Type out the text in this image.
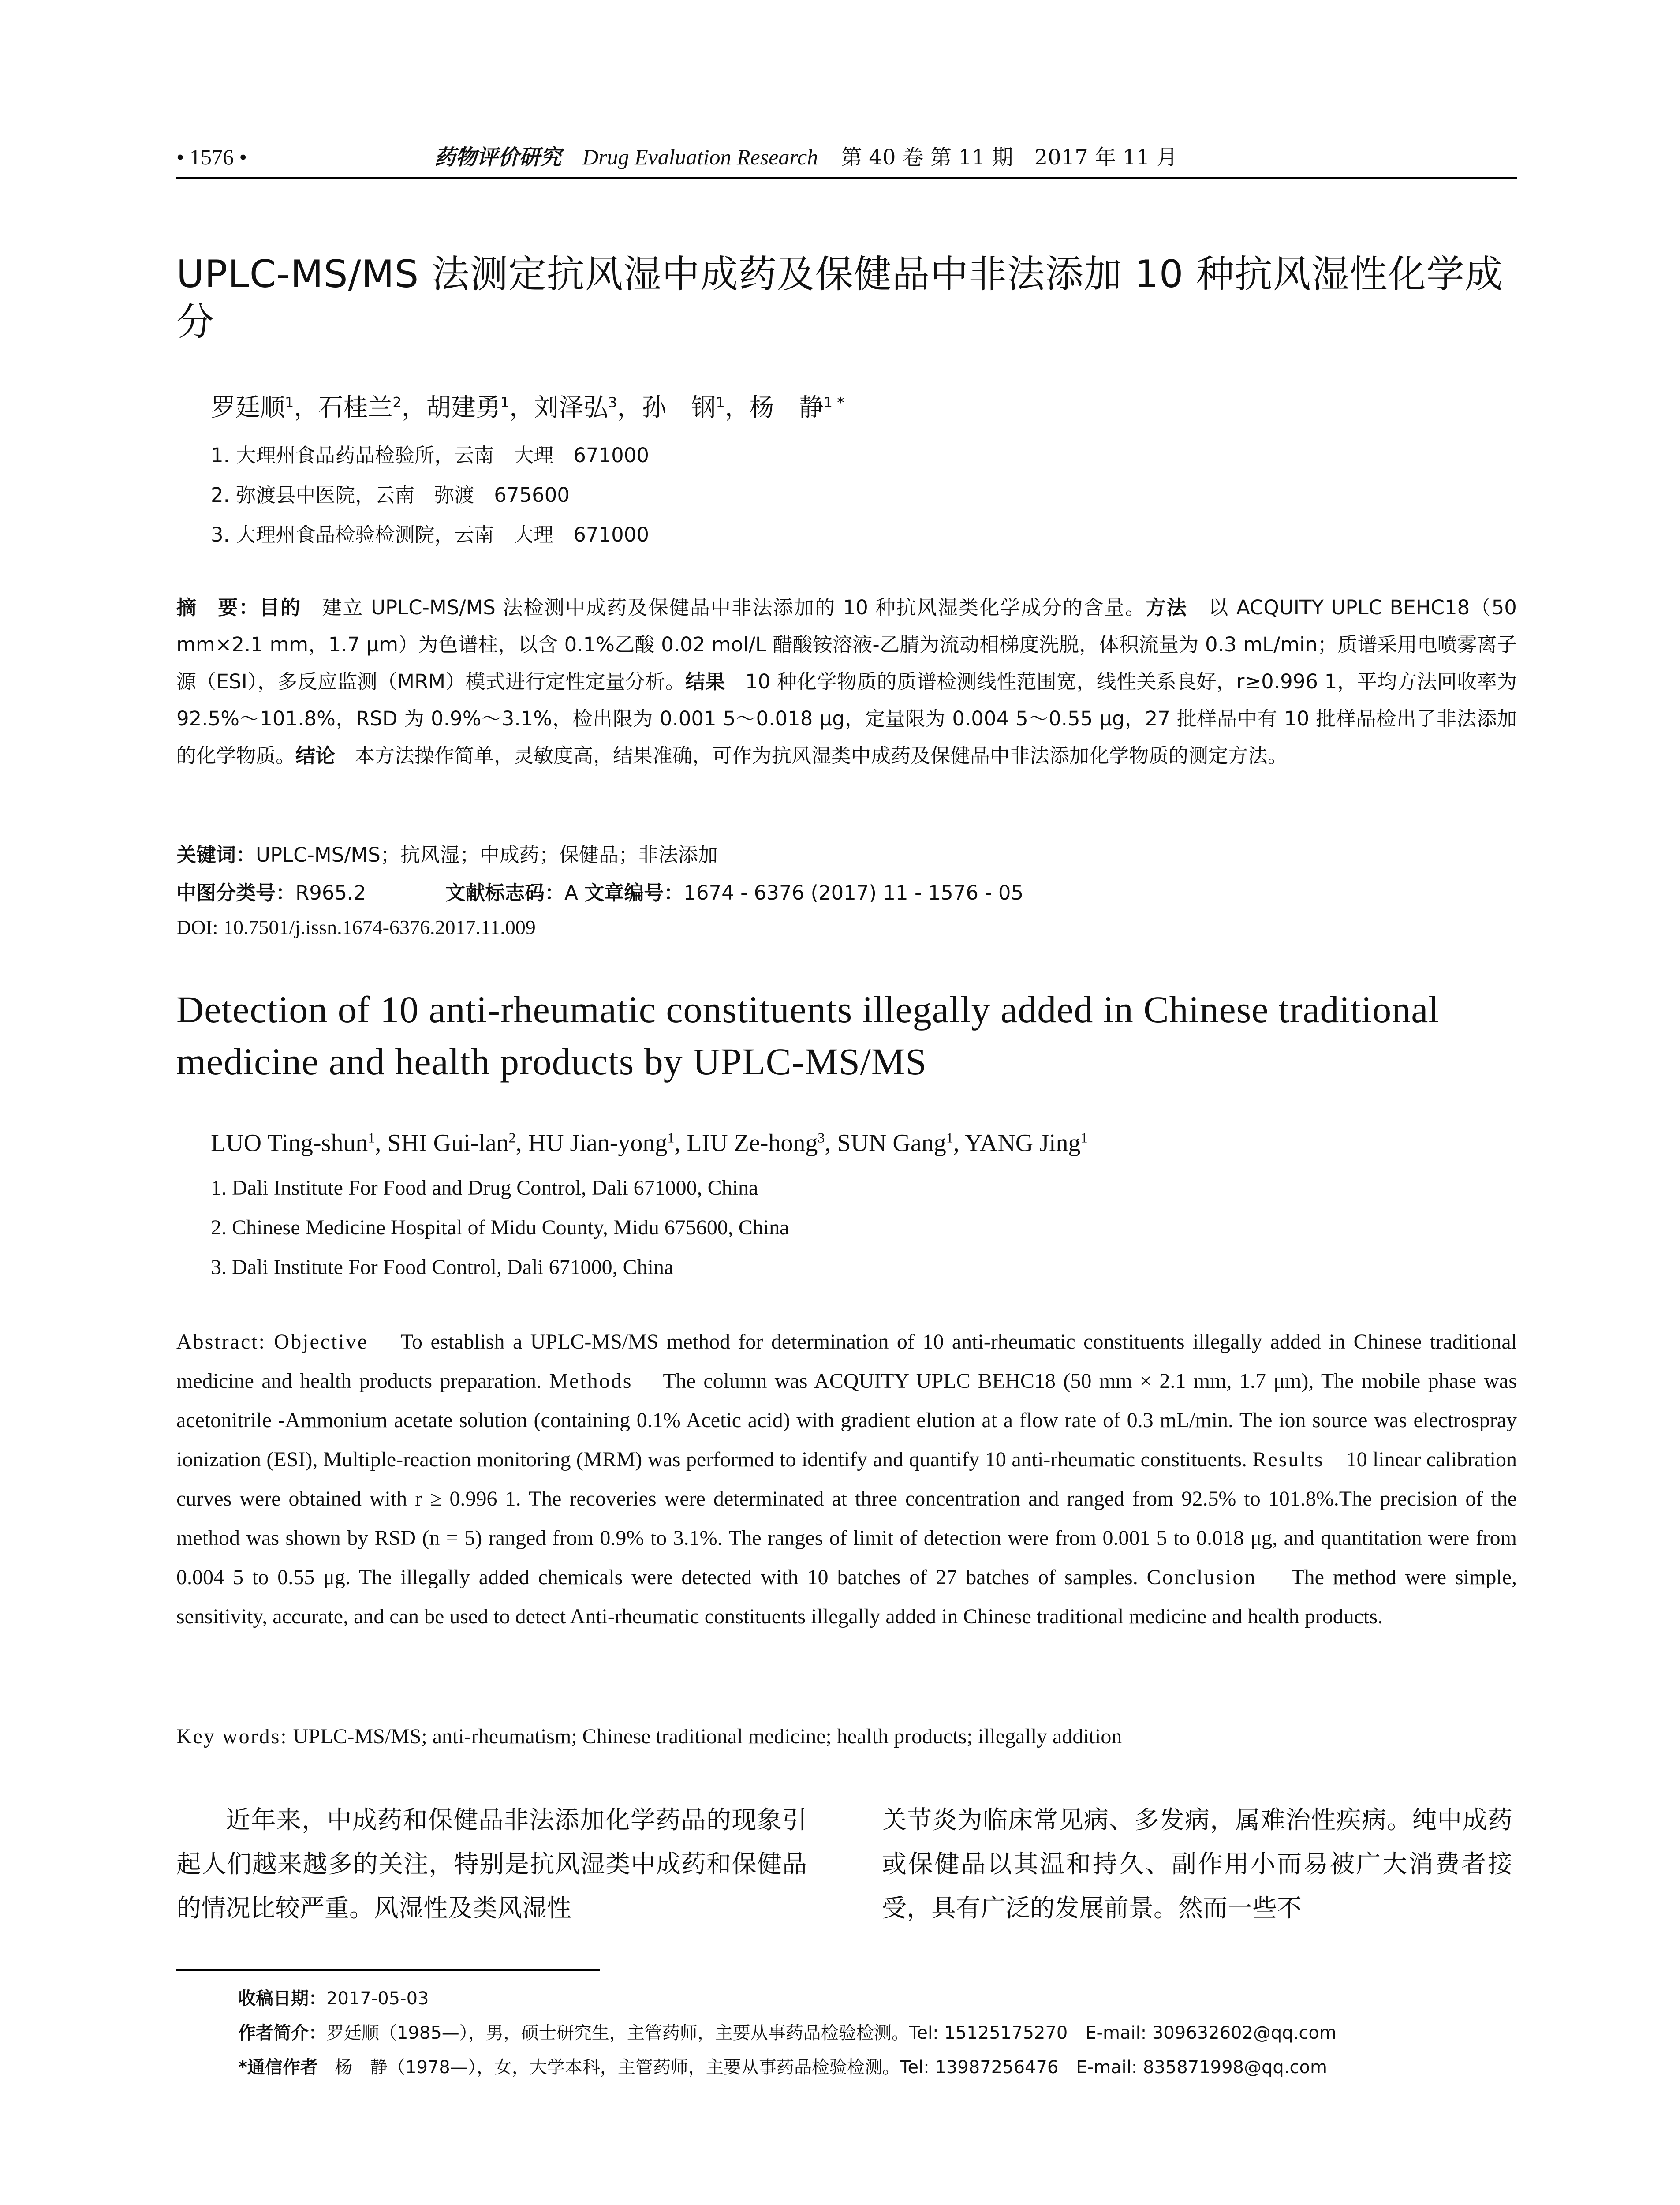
• 1576 •	药物评价研究 Drug Evaluation Research 第 40 卷 第 11 期　2017 年 11 月
UPLC-MS/MS 法测定抗风湿中成药及保健品中非法添加 10 种抗风湿性化学成分
罗廷顺$^1$，石桂兰$^2$，胡建勇$^1$，刘泽弘$^3$，孙　钢$^1$，杨　静$^{1 *}$
1. 大理州食品药品检验所，云南　大理　671000
2. 弥渡县中医院，云南　弥渡　675600
3. 大理州食品检验检测院，云南　大理　671000
摘　要：目的　 建立 UPLC-MS/MS 法检测中成药及保健品中非法添加的 10 种抗风湿类化学成分的含量。方法　 以 ACQUITY UPLC BEHC18（50 mm×2.1 mm，1.7 μm）为色谱柱，以含 0.1%乙酸 0.02 mol/L 醋酸铵溶液-乙腈为流动相梯度洗脱，体积流量为 0.3 mL/min；质谱采用电喷雾离子源（ESI），多反应监测（MRM）模式进行定性定量分析。结果　 10 种化学物质的质谱检测线性范围宽，线性关系良好，r≥0.996 1，平均方法回收率为 92.5%～101.8%，RSD 为 0.9%～3.1%，检出限为 0.001 5～0.018 μg，定量限为 0.004 5～0.55 μg，27 批样品中有 10 批样品检出了非法添加的化学物质。结论　 本方法操作简单，灵敏度高，结果准确，可作为抗风湿类中成药及保健品中非法添加化学物质的测定方法。
关键词：UPLC-MS/MS；抗风湿；中成药；保健品；非法添加
中图分类号：R965.2	文献标志码：A 文章编号：1674 - 6376 (2017) 11 - 1576 - 05
DOI: 10.7501/j.issn.1674-6376.2017.11.009
Detection of 10 anti-rheumatic constituents illegally added in Chinese traditional medicine and health products by UPLC-MS/MS
LUO Ting-shun$^1$, SHI Gui-lan$^2$, HU Jian-yong$^1$, LIU Ze-hong$^3$, SUN Gang$^1$, YANG Jing$^1$
1. Dali Institute For Food and Drug Control, Dali 671000, China
2. Chinese Medicine Hospital of Midu County, Midu 675600, China
3. Dali Institute For Food Control, Dali 671000, China
Abstract: Objective To establish a UPLC-MS/MS method for determination of 10 anti-rheumatic constituents illegally added in Chinese traditional medicine and health products preparation. Methods The column was ACQUITY UPLC BEHC18 (50 mm × 2.1 mm, 1.7 μm), The mobile phase was acetonitrile -Ammonium acetate solution (containing 0.1% Acetic acid) with gradient elution at a flow rate of 0.3 mL/min. The ion source was electrospray ionization (ESI), Multiple-reaction monitoring (MRM) was performed to identify and quantify 10 anti-rheumatic constituents. Results 10 linear calibration curves were obtained with r ≥ 0.996 1. The recoveries were determinated at three concentration and ranged from 92.5% to 101.8%.The precision of the method was shown by RSD (n = 5) ranged from 0.9% to 3.1%. The ranges of limit of detection were from 0.001 5 to 0.018 μg, and quantitation were from 0.004 5 to 0.55 μg. The illegally added chemicals were detected with 10 batches of 27 batches of samples. Conclusion The method were simple, sensitivity, accurate, and can be used to detect Anti-rheumatic constituents illegally added in Chinese traditional medicine and health products.
Key words: UPLC-MS/MS; anti-rheumatism; Chinese traditional medicine; health products; illegally addition
近年来，中成药和保健品非法添加化学药品的现象引起人们越来越多的关注，特别是抗风湿类中成药和保健品的情况比较严重。风湿性及类风湿性
关节炎为临床常见病、多发病，属难治性疾病。纯中成药或保健品以其温和持久、副作用小而易被广大消费者接受，具有广泛的发展前景。然而一些不
收稿日期：2017-05-03
作者简介：罗廷顺（1985—），男，硕士研究生，主管药师，主要从事药品检验检测。Tel: 15125175270　E-mail: 309632602@qq.com
*通信作者 杨　静（1978—），女，大学本科，主管药师，主要从事药品检验检测。Tel: 13987256476　E-mail: 835871998@qq.com
